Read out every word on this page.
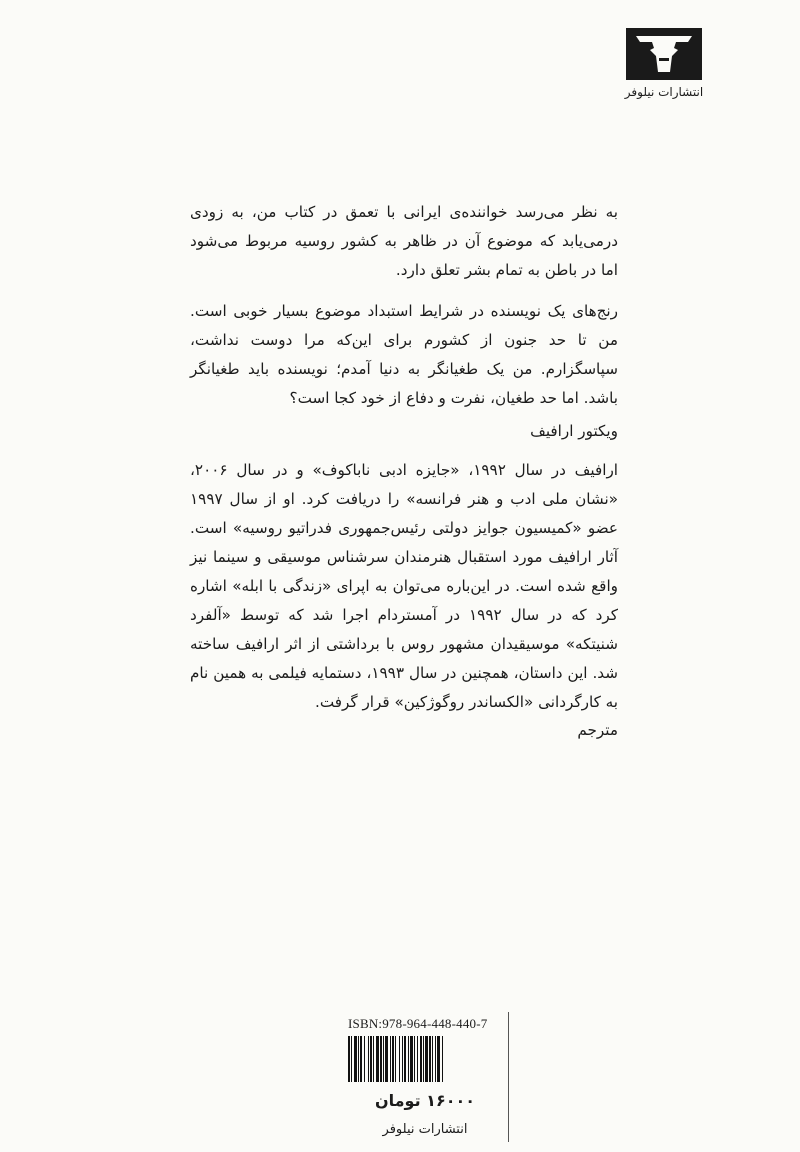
انتشارات نیلوفر

به نظر می‌رسد خواننده‌ی ایرانی با تعمق در کتاب من، به زودی درمی‌یابد که موضوع آن در ظاهر به کشور روسیه مربوط می‌شود اما در باطن به تمام بشر تعلق دارد.

رنج‌های یک نویسنده در شرایط استبداد موضوع بسیار خوبی است. من تا حد جنون از کشورم برای این‌که مرا دوست نداشت، سپاسگزارم. من یک طغیانگر به دنیا آمدم؛ نویسنده باید طغیانگر باشد. اما حد طغیان، نفرت و دفاع از خود کجا است؟

ویکتور ارافیف

ارافیف در سال ۱۹۹۲، «جایزه ادبی ناباکوف» و در سال ۲۰۰۶، «نشان ملی ادب و هنر فرانسه» را دریافت کرد. او از سال ۱۹۹۷ عضو «کمیسیون جوایز دولتی رئیس‌جمهوری فدراتیو روسیه» است. آثار ارافیف مورد استقبال هنرمندان سرشناس موسیقی و سینما نیز واقع شده است. در این‌باره می‌توان به اپرای «زندگی با ابله» اشاره کرد که در سال ۱۹۹۲ در آمستردام اجرا شد که توسط «آلفرد شنیتکه» موسیقیدان مشهور روس با برداشتی از اثر ارافیف ساخته شد. این داستان، همچنین در سال ۱۹۹۳، دستمایه فیلمی به همین نام به کارگردانی «الکساندر روگوژکین» قرار گرفت.

مترجم

ISBN:978-964-448-440-7
۱۶۰۰۰ تومان
انتشارات نیلوفر
